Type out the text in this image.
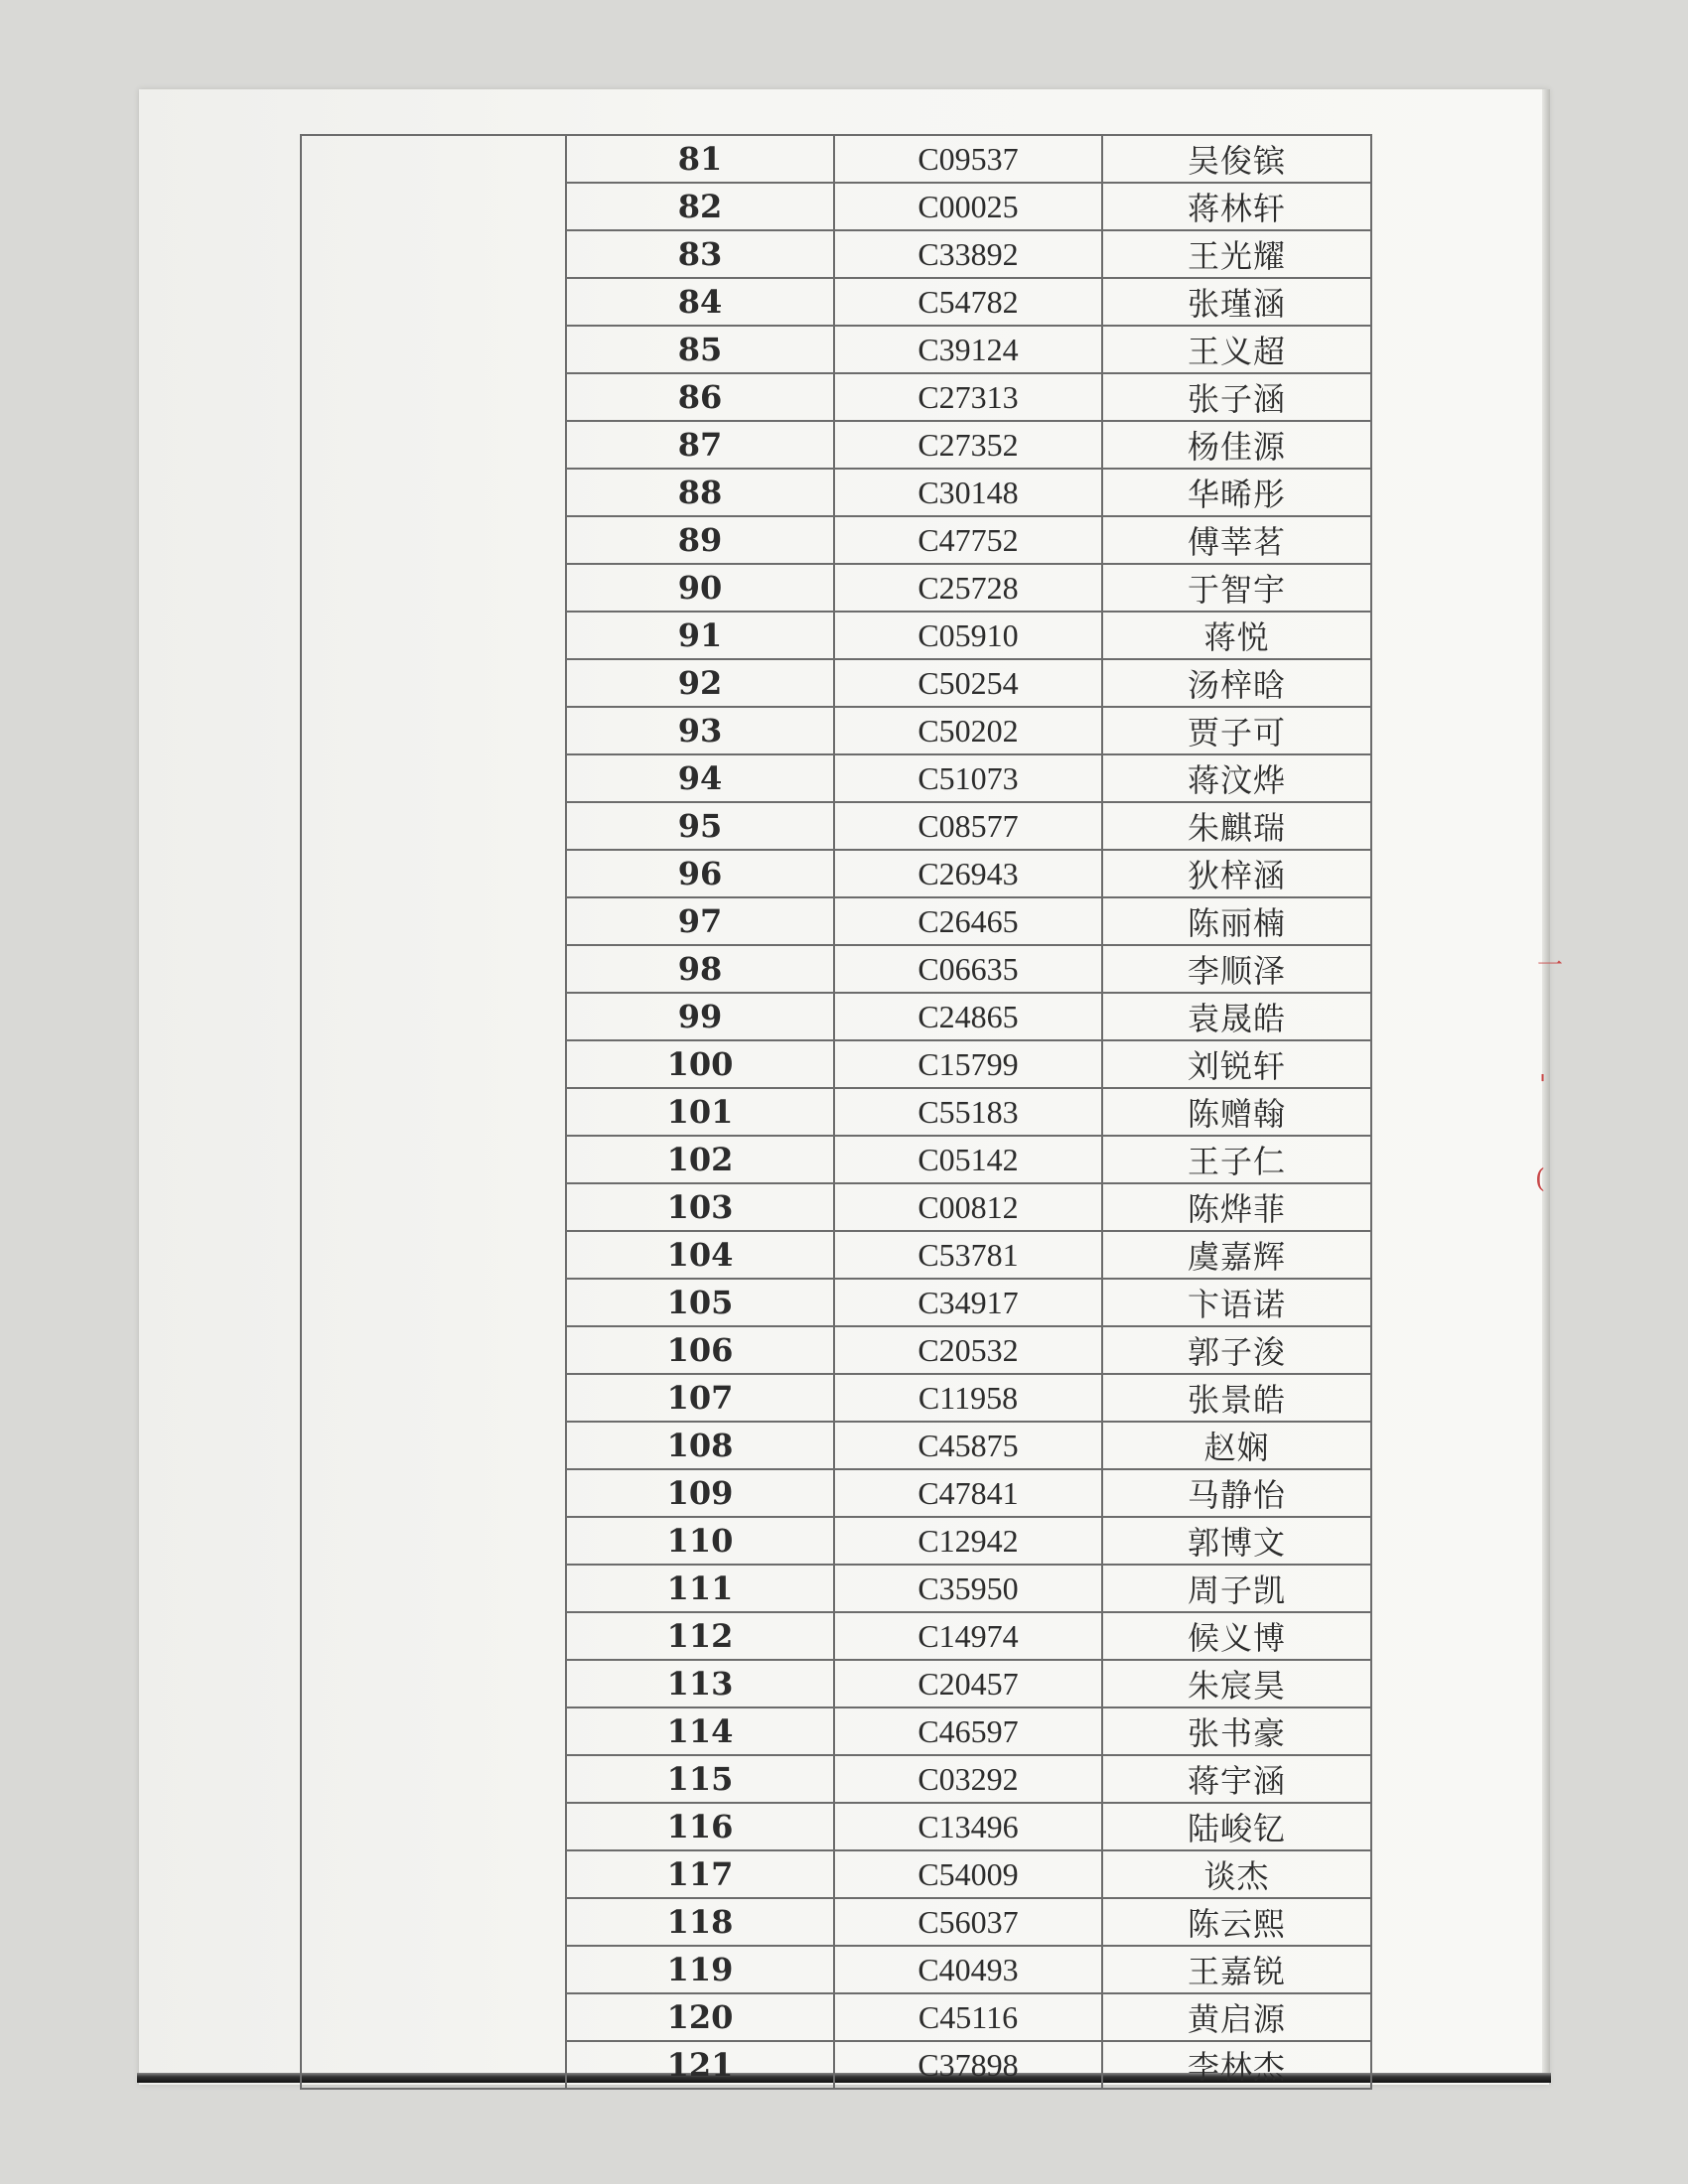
一
'
(
	81	C09537	吴俊镔
	82	C00025	蒋林轩
	83	C33892	王光耀
	84	C54782	张瑾涵
	85	C39124	王义超
	86	C27313	张子涵
	87	C27352	杨佳源
	88	C30148	华晞彤
	89	C47752	傅莘茗
	90	C25728	于智宇
	91	C05910	蒋悦
	92	C50254	汤梓晗
	93	C50202	贾子可
	94	C51073	蒋汶烨
	95	C08577	朱麒瑞
	96	C26943	狄梓涵
	97	C26465	陈丽楠
	98	C06635	李顺泽
	99	C24865	袁晟皓
	100	C15799	刘锐轩
	101	C55183	陈赠翰
	102	C05142	王子仁
	103	C00812	陈烨菲
	104	C53781	虞嘉辉
	105	C34917	卞语诺
	106	C20532	郭子浚
	107	C11958	张景皓
	108	C45875	赵娴
	109	C47841	马静怡
	110	C12942	郭博文
	111	C35950	周子凯
	112	C14974	候义博
	113	C20457	朱宸昊
	114	C46597	张书豪
	115	C03292	蒋宇涵
	116	C13496	陆峻钇
	117	C54009	谈杰
	118	C56037	陈云熙
	119	C40493	王嘉锐
	120	C45116	黄启源
	121	C37898	李林杰
